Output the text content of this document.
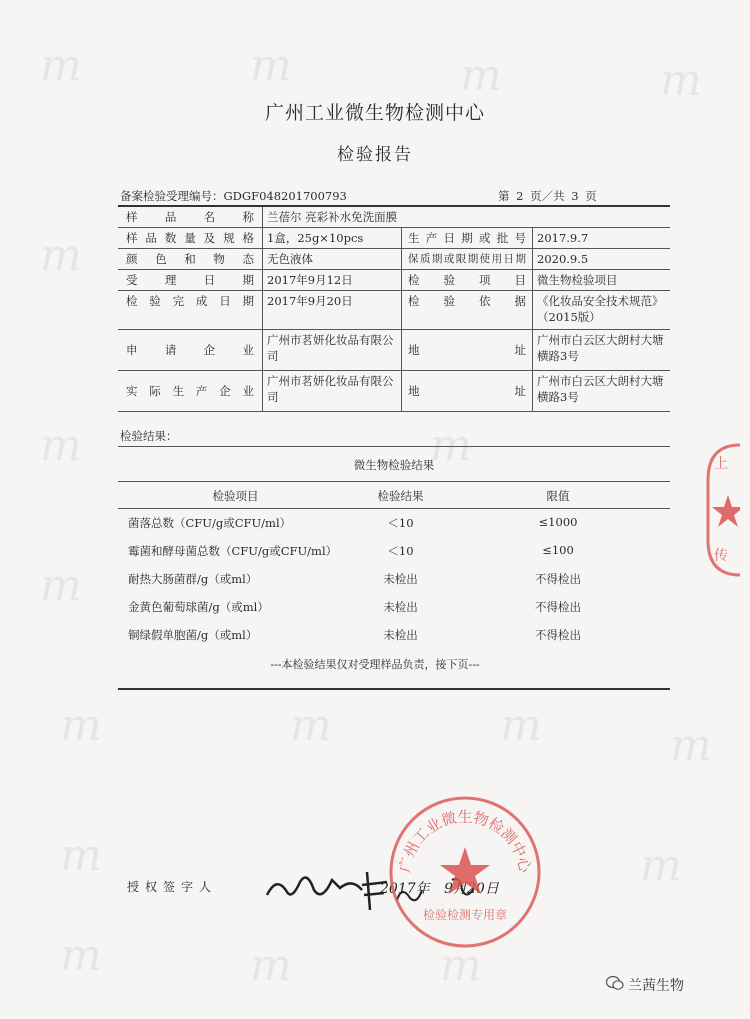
m	m	m	m
m
m	m
m
m	m	m	m
m	m
m	m	m
广州工业微生物检测中心
检验报告
备案检验受理编号：GDGF048201700793	第 2 页／共 3 页
样品名称	兰蓓尔 亮彩补水免洗面膜		
样品数量及规格	1盒，25g×10pcs	生产日期或批号	2017.9.7
颜色和物态	无色液体	保质期或限期使用日期	2020.9.5
受理日期	2017年9月12日	检验项目	微生物检验项目
检验完成日期	2017年9月20日	检验依据	《化妆品安全技术规范》（2015版）
申请企业	广州市茗妍化妆品有限公司	地址	广州市白云区大朗村大塘横路3号
实际生产企业	广州市茗妍化妆品有限公司	地址	广州市白云区大朗村大塘横路3号
检验结果：
微生物检验结果
检验项目	检验结果	限值
菌落总数（CFU/g或CFU/ml）	＜10	≤1000
霉菌和酵母菌总数（CFU/g或CFU/ml）	＜10	≤100
耐热大肠菌群/g（或ml）	未检出	不得检出
金黄色葡萄球菌/g（或ml）	未检出	不得检出
铜绿假单胞菌/g（或ml）	未检出	不得检出
---本检验结果仅对受理样品负责，接下页---
授权签字人	2017年 9月20日
广州工业微生物检测中心
检验检测专用章
上
传
兰茜生物
